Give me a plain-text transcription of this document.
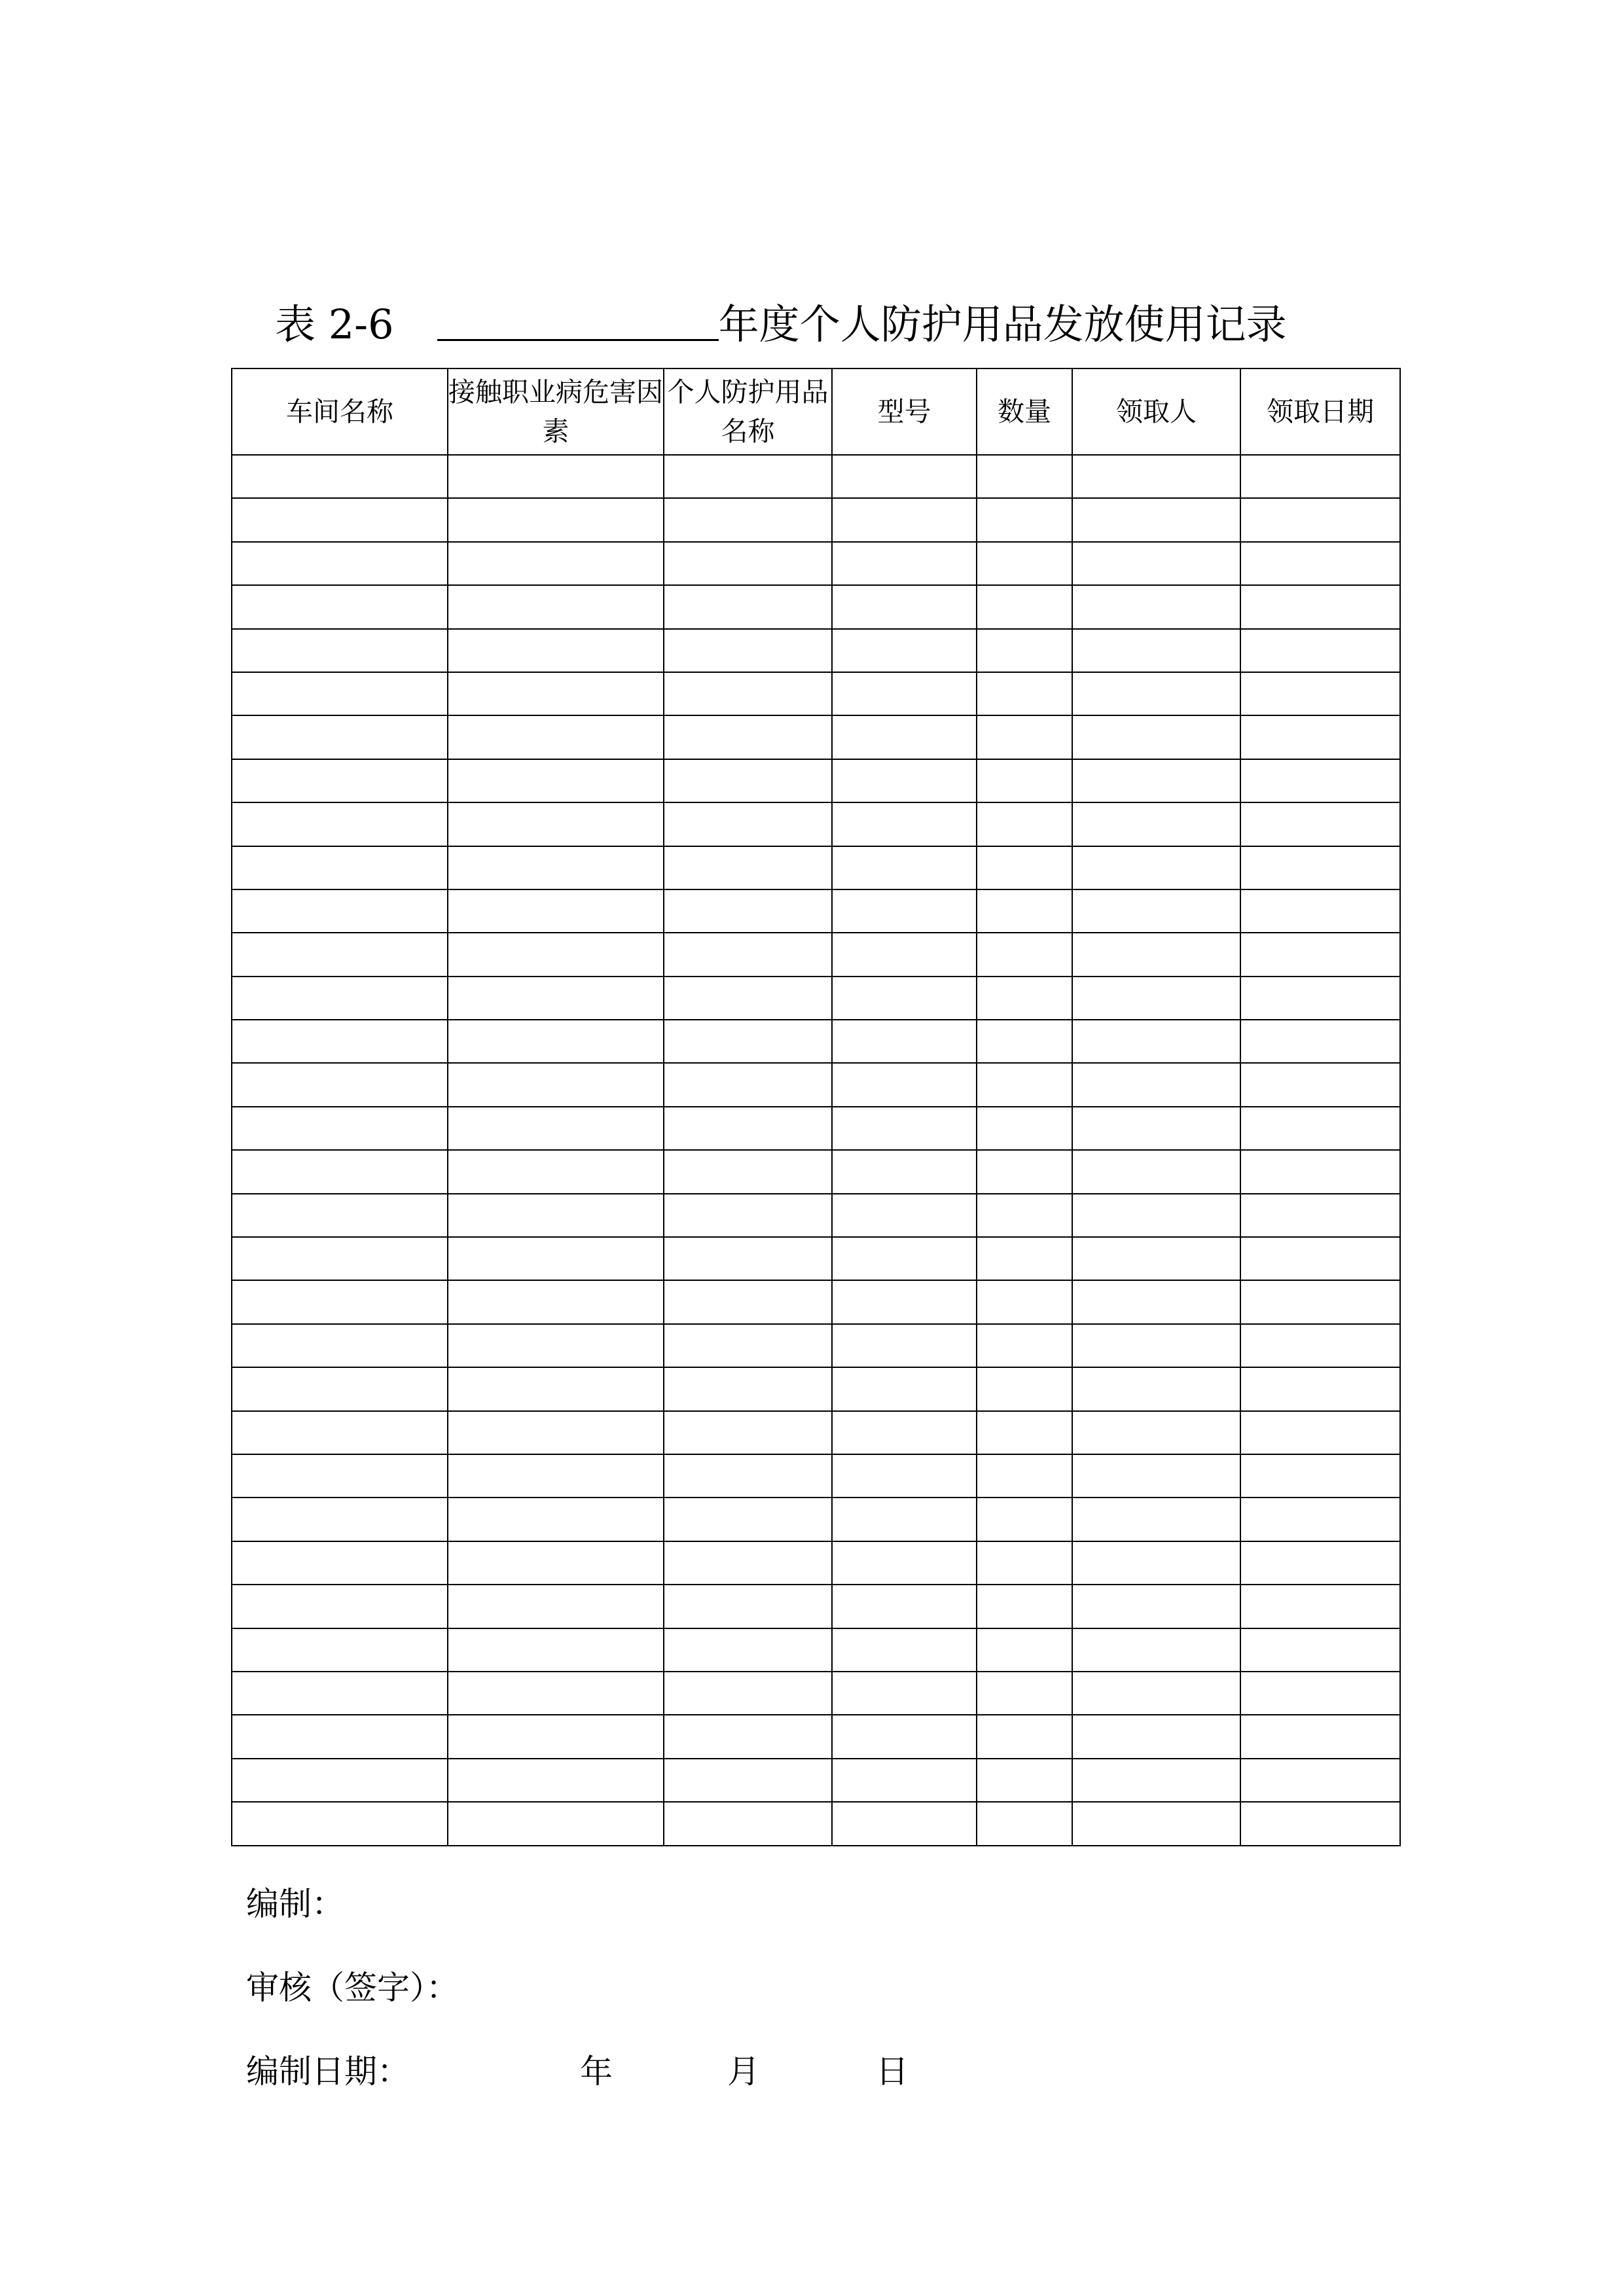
表 2-6	年度个人防护用品发放使用记录
车间名称	接触职业病危害因素	个人防护用品名称	型号	数量	领取人	领取日期

编制：
审核（签字）：
编制日期：	年	月	日
